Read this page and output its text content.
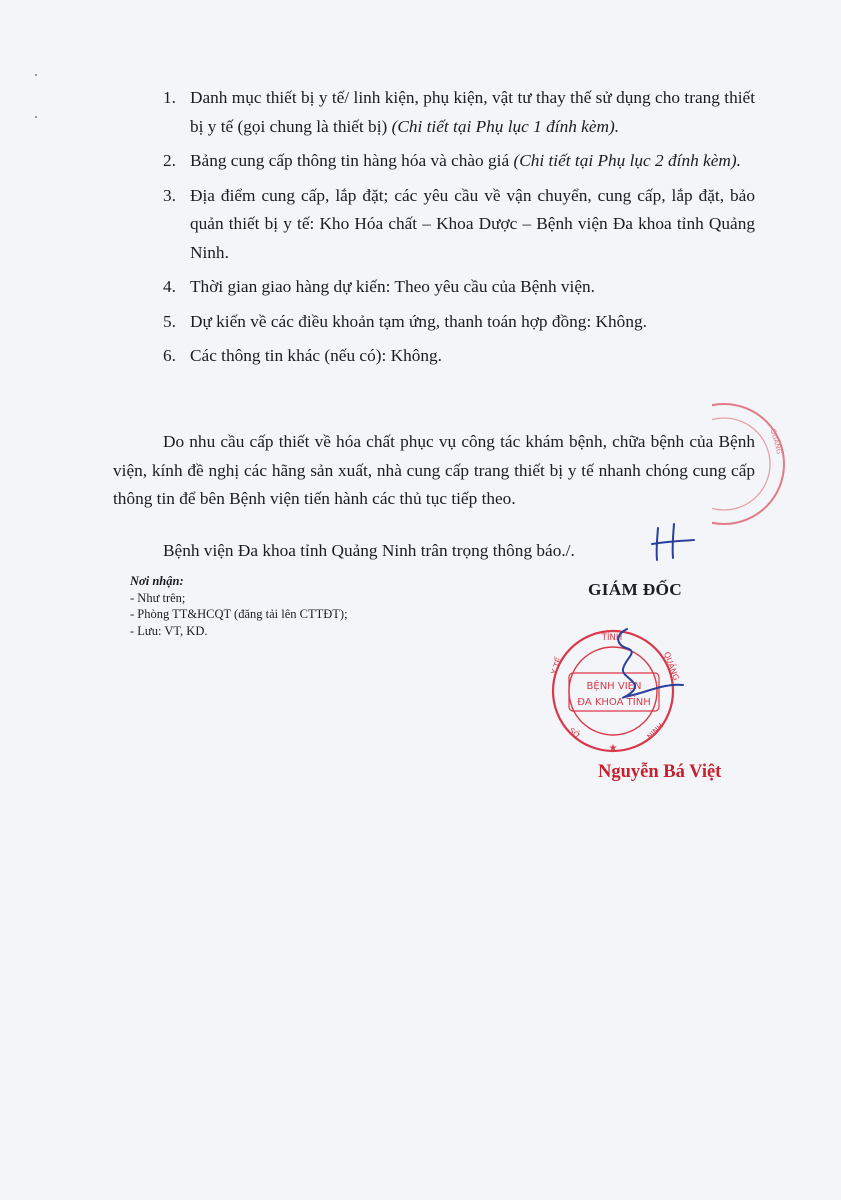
1. Danh mục thiết bị y tế/ linh kiện, phụ kiện, vật tư thay thế sử dụng cho trang thiết bị y tế (gọi chung là thiết bị) (Chi tiết tại Phụ lục 1 đính kèm).
2. Bảng cung cấp thông tin hàng hóa và chào giá (Chi tiết tại Phụ lục 2 đính kèm).
3. Địa điểm cung cấp, lắp đặt; các yêu cầu về vận chuyển, cung cấp, lắp đặt, bảo quản thiết bị y tế: Kho Hóa chất – Khoa Dược – Bệnh viện Đa khoa tỉnh Quảng Ninh.
4. Thời gian giao hàng dự kiến: Theo yêu cầu của Bệnh viện.
5. Dự kiến về các điều khoản tạm ứng, thanh toán hợp đồng: Không.
6. Các thông tin khác (nếu có): Không.

Do nhu cầu cấp thiết về hóa chất phục vụ công tác khám bệnh, chữa bệnh của Bệnh viện, kính đề nghị các hãng sản xuất, nhà cung cấp trang thiết bị y tế nhanh chóng cung cấp thông tin để bên Bệnh viện tiến hành các thủ tục tiếp theo.

Bệnh viện Đa khoa tỉnh Quảng Ninh trân trọng thông báo./.

Nơi nhận:
- Như trên;
- Phòng TT&HCQT (đăng tải lên CTTĐT);
- Lưu: VT, KD.
GIÁM ĐỐC
TỈNH
QUẢNG
Y TẾ
NINH
SỞ
BỆNH VIỆN
ĐA KHOA TỈNH
★
QUẢNG
Nguyễn Bá Việt
